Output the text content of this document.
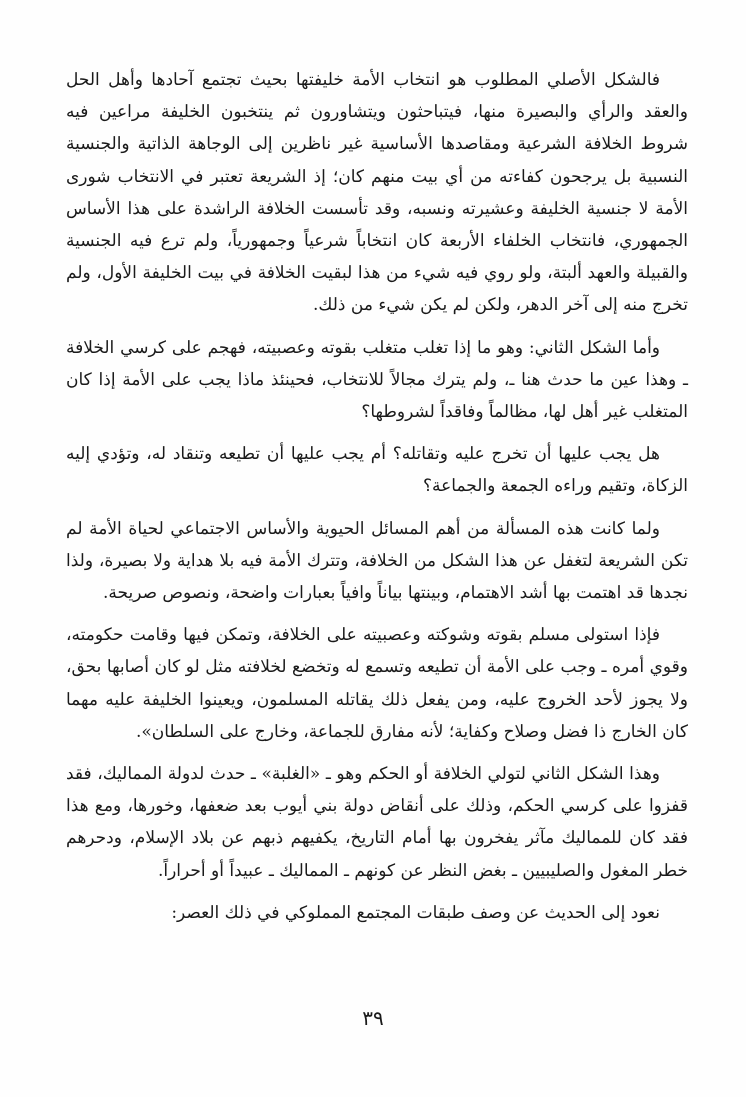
فالشكل الأصلي المطلوب هو انتخاب الأمة خليفتها بحيث تجتمع آحادها وأهل الحل والعقد والرأي والبصيرة منها، فيتباحثون ويتشاورون ثم ينتخبون الخليفة مراعين فيه شروط الخلافة الشرعية ومقاصدها الأساسية غير ناظرين إلى الوجاهة الذاتية والجنسية النسبية بل يرجحون كفاءته من أي بيت منهم كان؛ إذ الشريعة تعتبر في الانتخاب شورى الأمة لا جنسية الخليفة وعشيرته ونسبه، وقد تأسست الخلافة الراشدة على هذا الأساس الجمهوري، فانتخاب الخلفاء الأربعة كان انتخاباً شرعياً وجمهورياً، ولم ترع فيه الجنسية والقبيلة والعهد ألبتة، ولو روي فيه شيء من هذا لبقيت الخلافة في بيت الخليفة الأول، ولم تخرج منه إلى آخر الدهر، ولكن لم يكن شيء من ذلك.

وأما الشكل الثاني: وهو ما إذا تغلب متغلب بقوته وعصبيته، فهجم على كرسي الخلافة ـ وهذا عين ما حدث هنا ـ، ولم يترك مجالاً للانتخاب، فحينئذ ماذا يجب على الأمة إذا كان المتغلب غير أهل لها، مظالماً وفاقداً لشروطها؟

هل يجب عليها أن تخرج عليه وتقاتله؟ أم يجب عليها أن تطيعه وتنقاد له، وتؤدي إليه الزكاة، وتقيم وراءه الجمعة والجماعة؟

ولما كانت هذه المسألة من أهم المسائل الحيوية والأساس الاجتماعي لحياة الأمة لم تكن الشريعة لتغفل عن هذا الشكل من الخلافة، وتترك الأمة فيه بلا هداية ولا بصيرة، ولذا نجدها قد اهتمت بها أشد الاهتمام، وبينتها بياناً وافياً بعبارات واضحة، ونصوص صريحة.

فإذا استولى مسلم بقوته وشوكته وعصبيته على الخلافة، وتمكن فيها وقامت حكومته، وقوي أمره ـ وجب على الأمة أن تطيعه وتسمع له وتخضع لخلافته مثل لو كان أصابها بحق، ولا يجوز لأحد الخروج عليه، ومن يفعل ذلك يقاتله المسلمون، ويعينوا الخليفة عليه مهما كان الخارج ذا فضل وصلاح وكفاية؛ لأنه مفارق للجماعة، وخارج على السلطان».

وهذا الشكل الثاني لتولي الخلافة أو الحكم وهو ـ «الغلبة» ـ حدث لدولة المماليك، فقد قفزوا على كرسي الحكم، وذلك على أنقاض دولة بني أيوب بعد ضعفها، وخورها، ومع هذا فقد كان للمماليك مآثر يفخرون بها أمام التاريخ، يكفيهم ذبهم عن بلاد الإسلام، ودحرهم خطر المغول والصليبيين ـ بغض النظر عن كونهم ـ المماليك ـ عبيداً أو أحراراً.

نعود إلى الحديث عن وصف طبقات المجتمع المملوكي في ذلك العصر:

٣٩
